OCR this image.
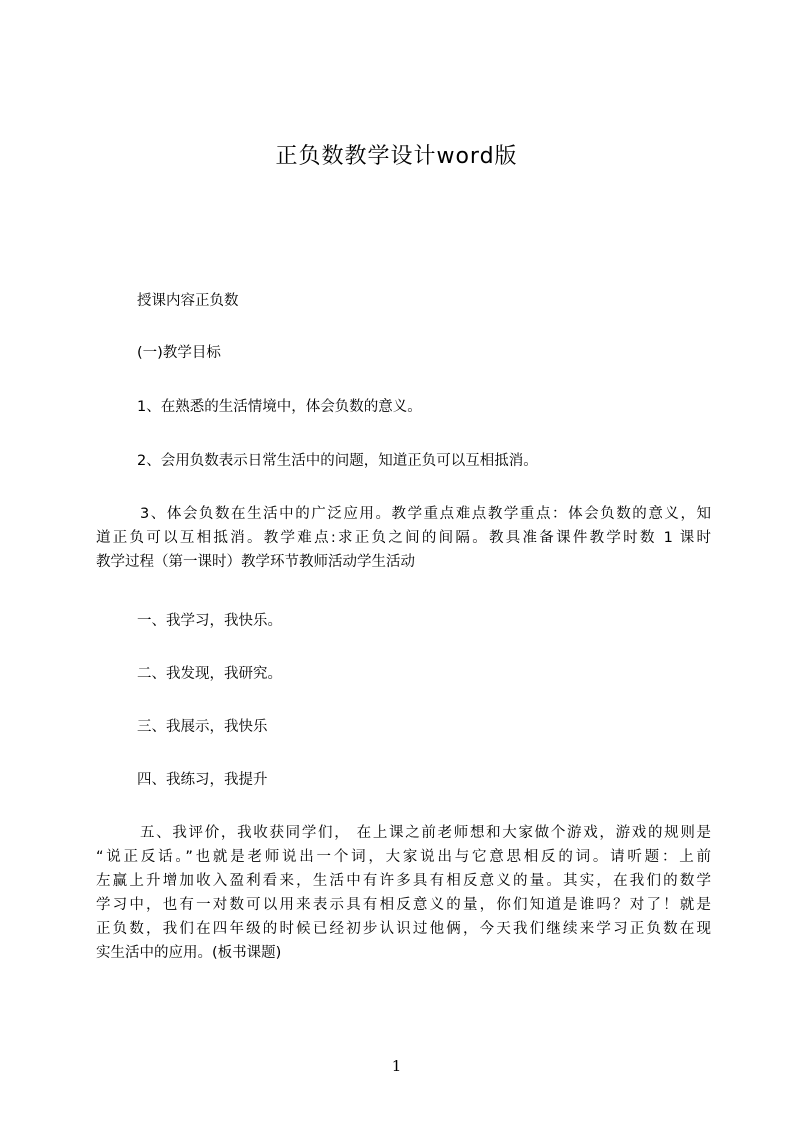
正负数教学设计word版

授课内容正负数

(一)教学目标

1、在熟悉的生活情境中，体会负数的意义。

2、会用负数表示日常生活中的问题，知道正负可以互相抵消。

3、体会负数在生活中的广泛应用。教学重点难点教学重点：体会负数的意义，知
道正负可以互相抵消。教学难点:求正负之间的间隔。教具准备课件教学时数 1 课时
教学过程（第一课时）教学环节教师活动学生活动

一、我学习，我快乐。

二、我发现，我研究。

三、我展示，我快乐

四、我练习，我提升

五、我评价，我收获同学们， 在上课之前老师想和大家做个游戏，游戏的规则是
“说正反话。”也就是老师说出一个词，大家说出与它意思相反的词。请听题：上前
左赢上升增加收入盈利看来，生活中有许多具有相反意义的量。其实，在我们的数学
学习中，也有一对数可以用来表示具有相反意义的量，你们知道是谁吗？对了！就是
正负数，我们在四年级的时候已经初步认识过他俩，今天我们继续来学习正负数在现
实生活中的应用。(板书课题)
1
